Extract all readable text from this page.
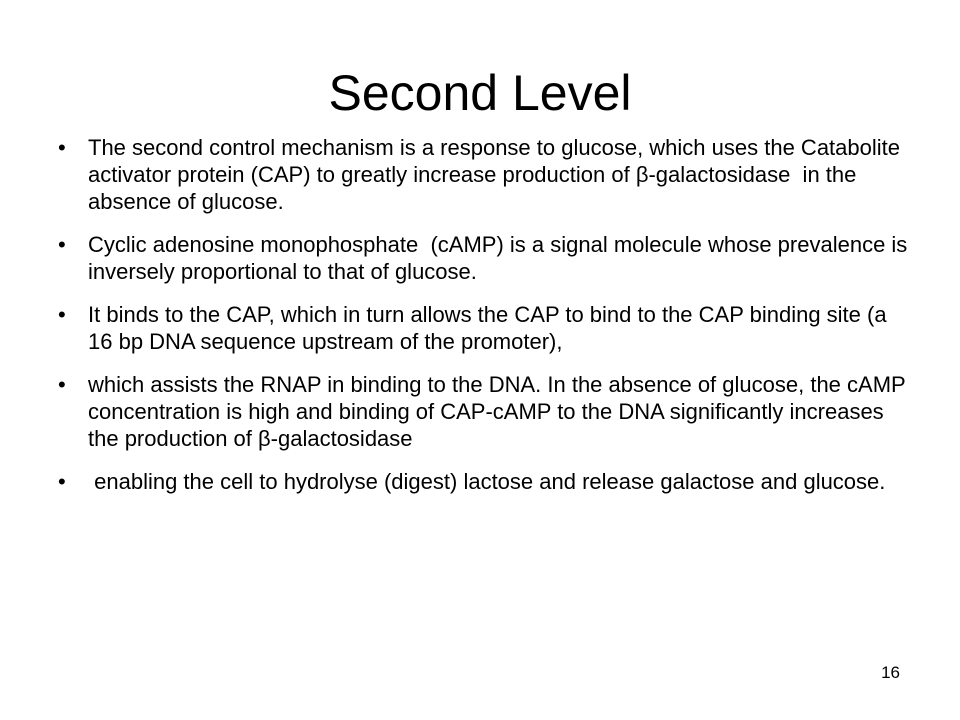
Second Level
• The second control mechanism is a response to glucose, which uses the Catabolite activator protein (CAP) to greatly increase production of β-galactosidase  in the absence of glucose.
• Cyclic adenosine monophosphate  (cAMP) is a signal molecule whose prevalence is inversely proportional to that of glucose.
• It binds to the CAP, which in turn allows the CAP to bind to the CAP binding site (a 16 bp DNA sequence upstream of the promoter),
• which assists the RNAP in binding to the DNA. In the absence of glucose, the cAMP concentration is high and binding of CAP-cAMP to the DNA significantly increases the production of β-galactosidase
• enabling the cell to hydrolyse (digest) lactose and release galactose and glucose.
16
